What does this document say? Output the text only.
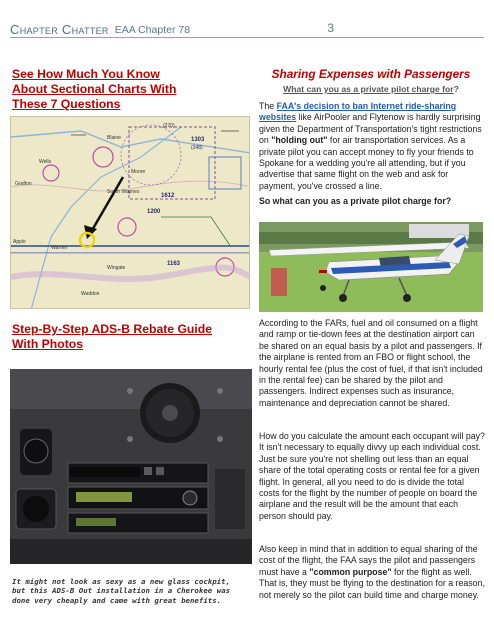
Chapter Chatter EAA Chapter 78	3
See How Much You Know About Sectional Charts With These 7 Questions
(270)
1303
(348)
Wells
Grafton
Blaine
South Waynes
Moore
1200
Apple
Warren
Wingate
Waddon
1612
1163
Step-By-Step ADS-B Rebate Guide With Photos
It might not look as sexy as a new glass cockpit, but this ADS-B Out installation in a Cherokee was done very cheaply and came with great benefits.
Sharing Expenses with Passengers
What can you as a private pilot charge for?
The FAA's decision to ban Internet ride-sharing websites like AirPooler and Flytenow is hardly surprising given the Department of Transportation's tight restrictions on "holding out" for air transportation services. As a private pilot you can accept money to fly your friends to Spokane for a wedding you're all attending, but if you advertise that same flight on the web and ask for payment, you've crossed a line.
So what can you as a private pilot charge for?
According to the FARs, fuel and oil consumed on a flight and ramp or tie-down fees at the destination airport can be shared on an equal basis by a pilot and passengers. If the airplane is rented from an FBO or flight school, the hourly rental fee (plus the cost of fuel, if that isn't included in the rental fee) can be shared by the pilot and passengers. Indirect expenses such as insurance, maintenance and depreciation cannot be shared.
How do you calculate the amount each occupant will pay? It isn't necessary to equally divvy up each individual cost. Just be sure you're not shelling out less than an equal share of the total operating costs or rental fee for a given flight. In general, all you need to do is divide the total costs for the flight by the number of people on board the airplane and the result will be the amount that each person should pay.
Also keep in mind that in addition to equal sharing of the cost of the flight, the FAA says the pilot and passengers must have a "common purpose" for the flight as well. That is, they must be flying to the destination for a reason, not merely so the pilot can build time and charge money.
